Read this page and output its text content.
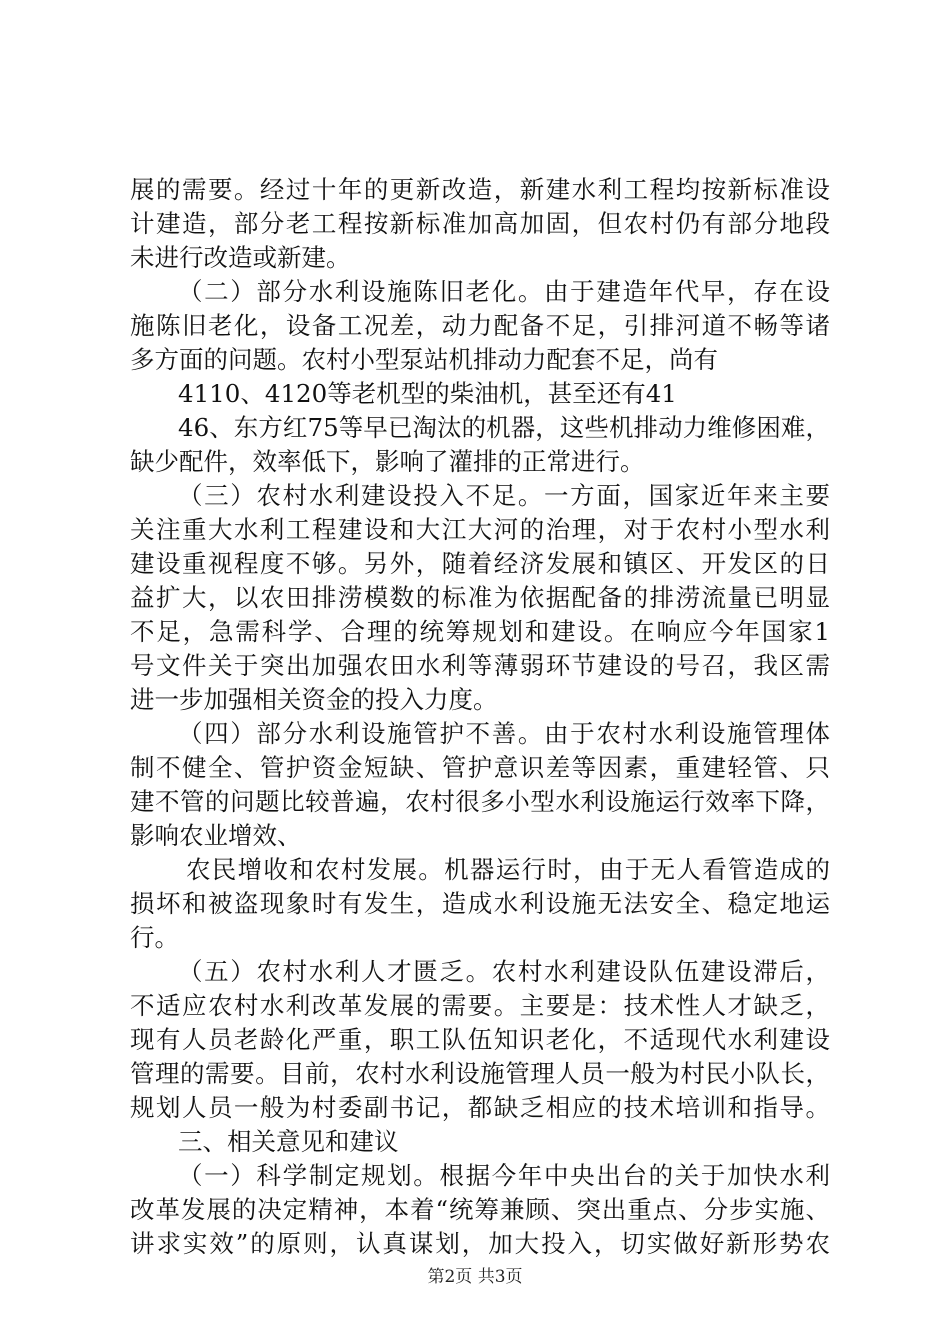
展的需要。经过十年的更新改造，新建水利工程均按新标准设
计建造，部分老工程按新标准加高加固，但农村仍有部分地段
未进行改造或新建。
（二）部分水利设施陈旧老化。由于建造年代早，存在设
施陈旧老化，设备工况差，动力配备不足，引排河道不畅等诸
多方面的问题。农村小型泵站机排动力配套不足，尚有
4110、4120等老机型的柴油机，甚至还有41
46、东方红75等早已淘汰的机器，这些机排动力维修困难，
缺少配件，效率低下，影响了灌排的正常进行。
（三）农村水利建设投入不足。一方面，国家近年来主要
关注重大水利工程建设和大江大河的治理，对于农村小型水利
建设重视程度不够。另外，随着经济发展和镇区、开发区的日
益扩大，以农田排涝模数的标准为依据配备的排涝流量已明显
不足，急需科学、合理的统筹规划和建设。在响应今年国家1
号文件关于突出加强农田水利等薄弱环节建设的号召，我区需
进一步加强相关资金的投入力度。
（四）部分水利设施管护不善。由于农村水利设施管理体
制不健全、管护资金短缺、管护意识差等因素，重建轻管、只
建不管的问题比较普遍，农村很多小型水利设施运行效率下降，
影响农业增效、
农民增收和农村发展。机器运行时，由于无人看管造成的
损坏和被盗现象时有发生，造成水利设施无法安全、稳定地运
行。
（五）农村水利人才匮乏。农村水利建设队伍建设滞后，
不适应农村水利改革发展的需要。主要是：技术性人才缺乏，
现有人员老龄化严重，职工队伍知识老化，不适现代水利建设
管理的需要。目前，农村水利设施管理人员一般为村民小队长，
规划人员一般为村委副书记，都缺乏相应的技术培训和指导。
三、相关意见和建议
（一）科学制定规划。根据今年中央出台的关于加快水利
改革发展的决定精神，本着“统筹兼顾、突出重点、分步实施、
讲求实效”的原则，认真谋划，加大投入，切实做好新形势农
第2页 共3页
